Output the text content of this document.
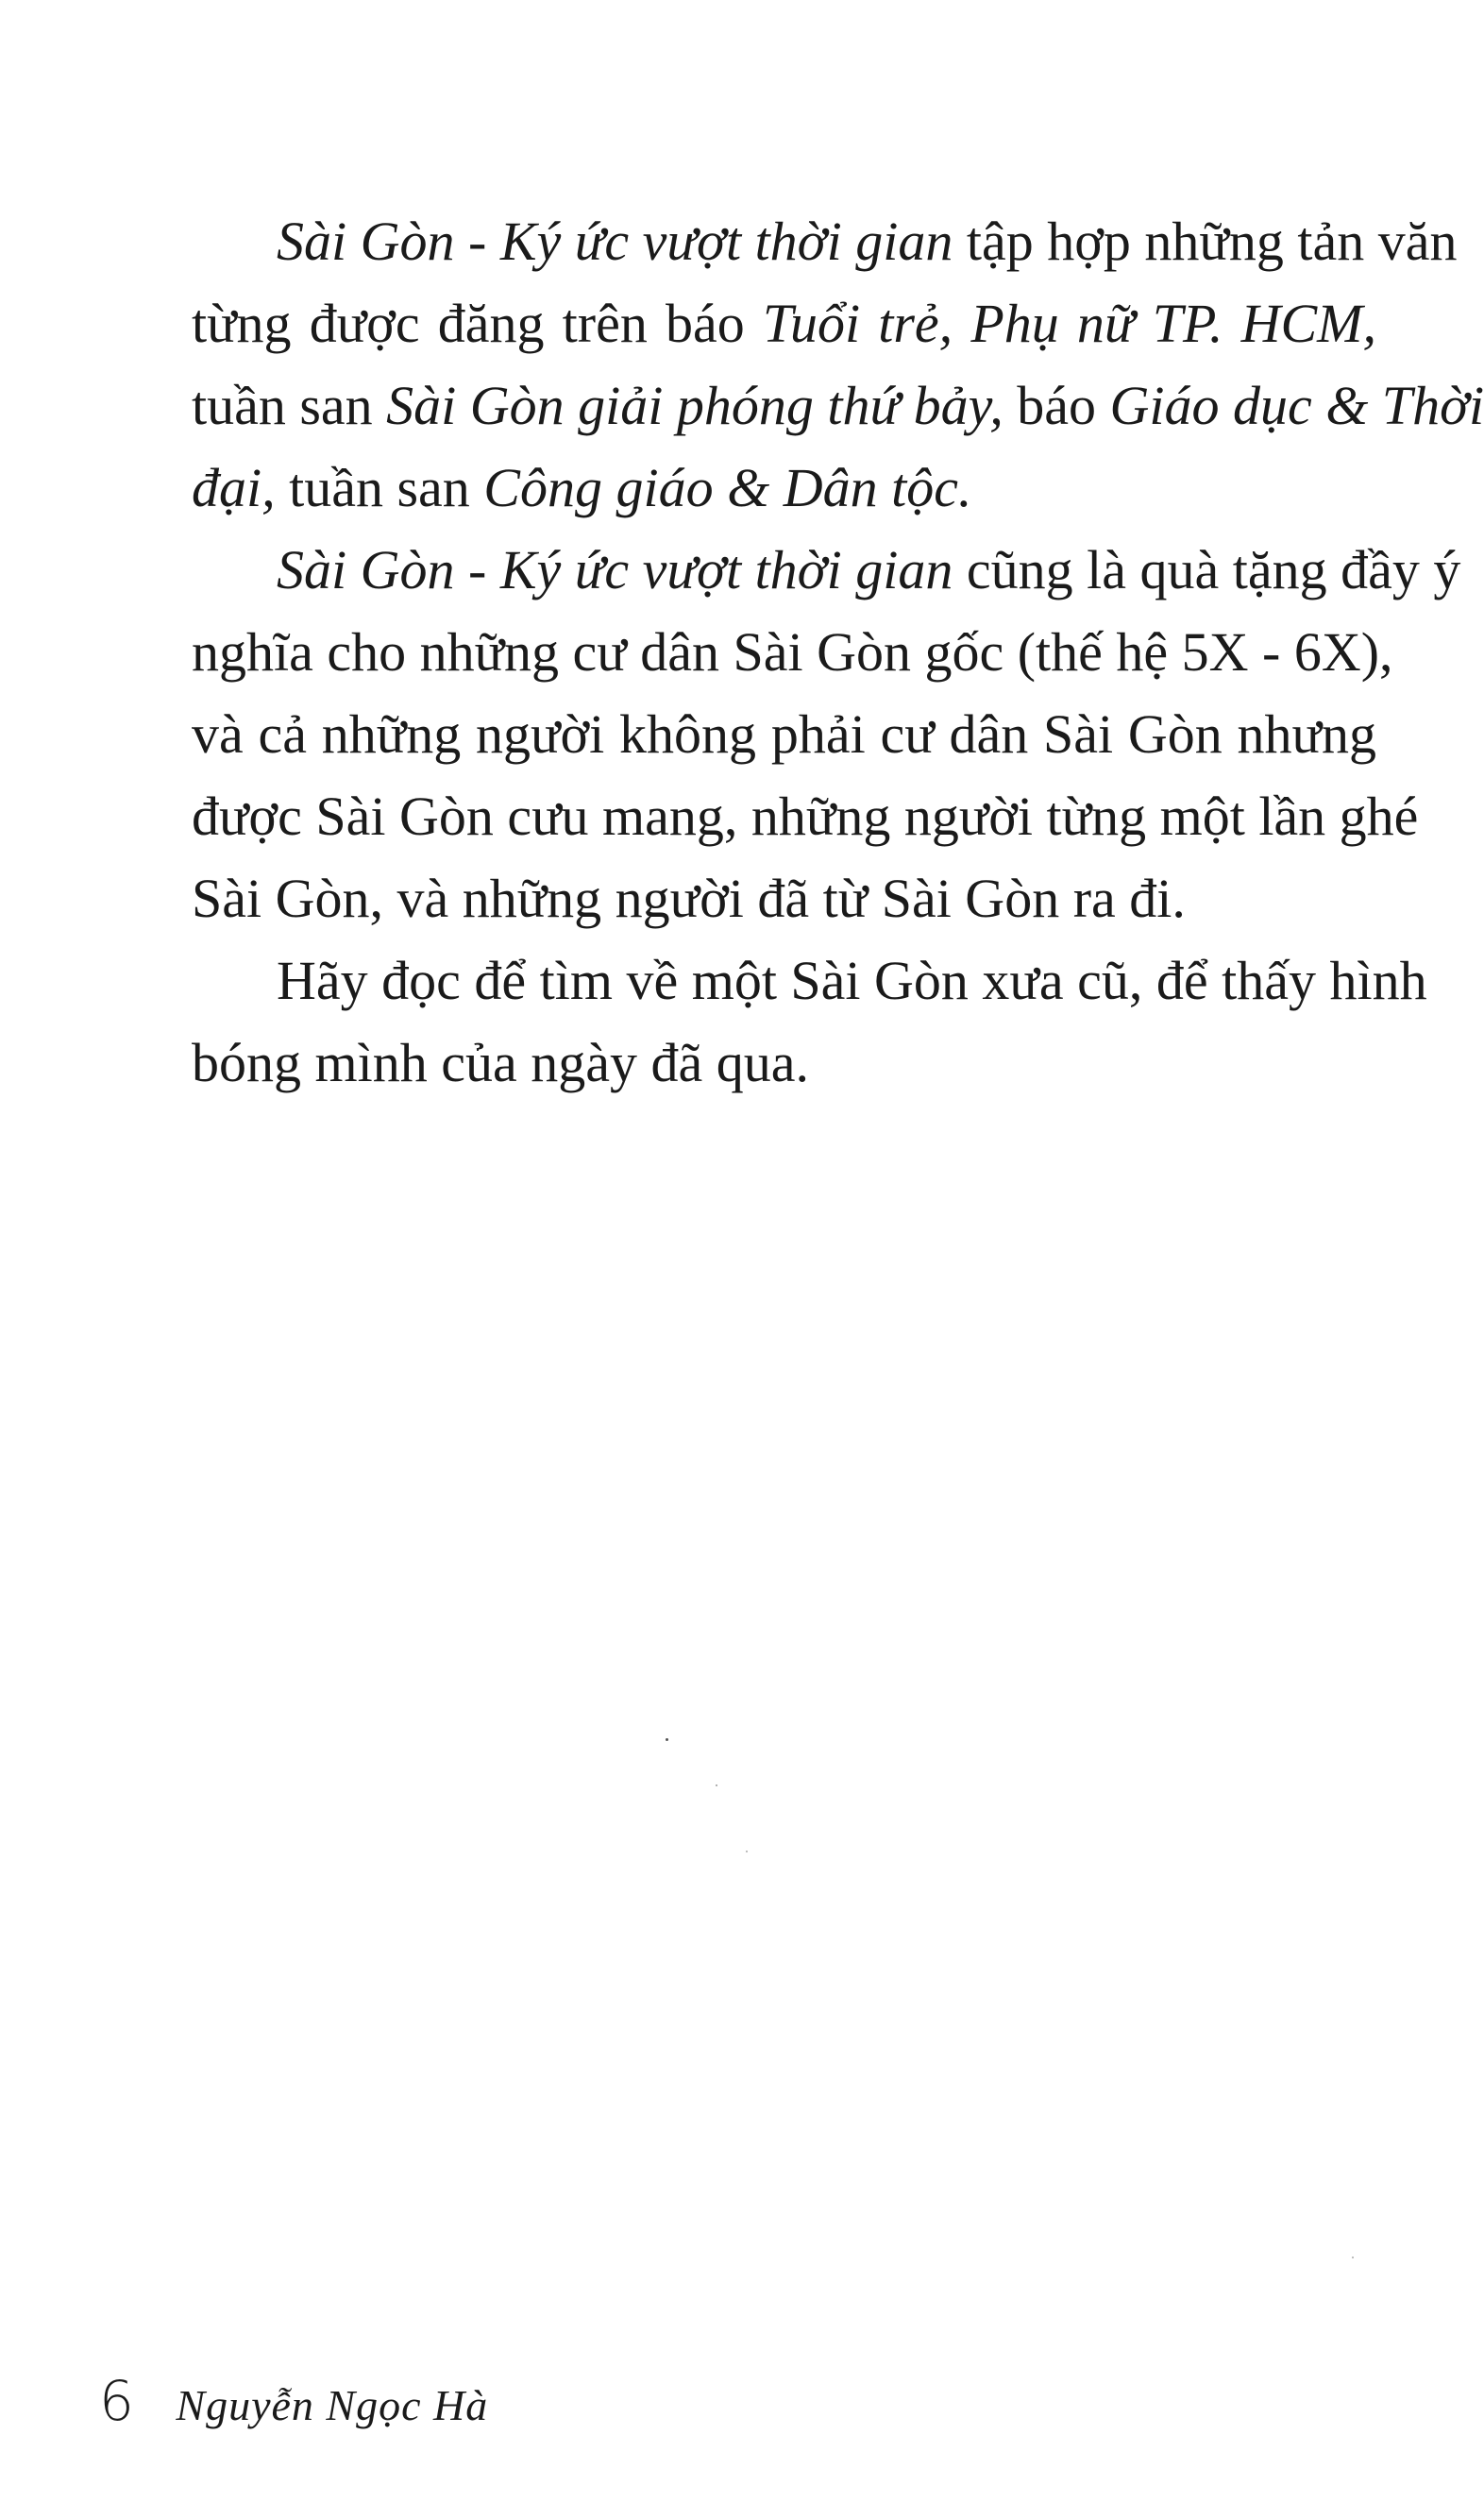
Sài Gòn - Ký ức vượt thời gian tập hợp những tản văn
từng được đăng trên báo Tuổi trẻ, Phụ nữ TP. HCM,
tuần san Sài Gòn giải phóng thứ bảy, báo Giáo dục & Thời
đại, tuần san Công giáo & Dân tộc.
Sài Gòn - Ký ức vượt thời gian cũng là quà tặng đầy ý
nghĩa cho những cư dân Sài Gòn gốc (thế hệ 5X - 6X),
và cả những người không phải cư dân Sài Gòn nhưng
được Sài Gòn cưu mang, những người từng một lần ghé
Sài Gòn, và những người đã từ Sài Gòn ra đi.
Hãy đọc để tìm về một Sài Gòn xưa cũ, để thấy hình
bóng mình của ngày đã qua.
6 Nguyễn Ngọc Hà
